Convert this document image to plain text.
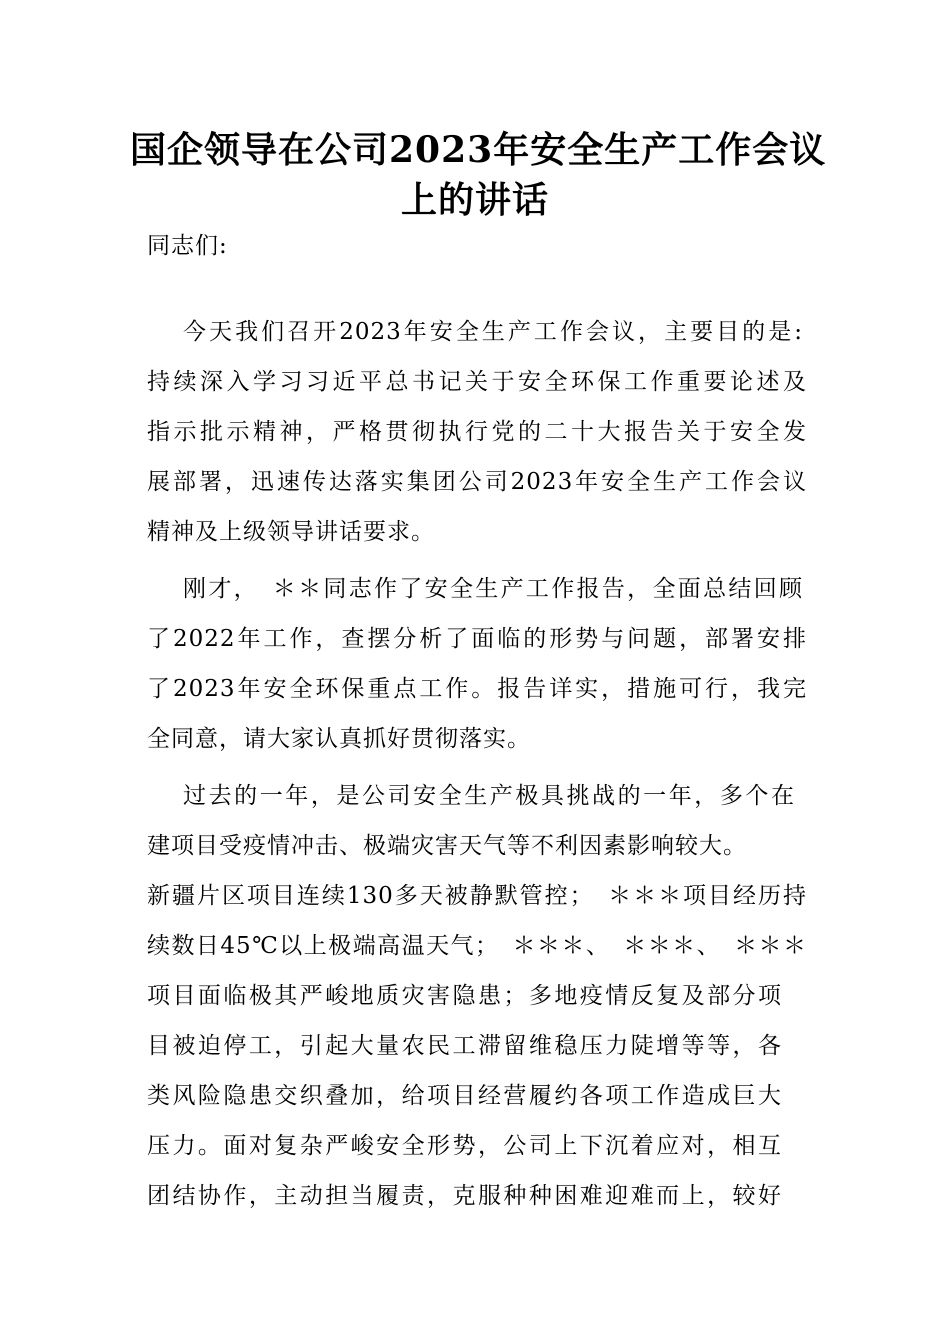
国企领导在公司2023年安全生产工作会议
上的讲话
同志们:
今天我们召开2023年安全生产工作会议，主要目的是:
持续深入学习习近平总书记关于安全环保工作重要论述及
指示批示精神，严格贯彻执行党的二十大报告关于安全发
展部署，迅速传达落实集团公司2023年安全生产工作会议
精神及上级领导讲话要求。
刚才，　＊＊同志作了安全生产工作报告，全面总结回顾
了2022年工作，查摆分析了面临的形势与问题，部署安排
了2023年安全环保重点工作。报告详实，措施可行，我完
全同意，请大家认真抓好贯彻落实。
过去的一年，是公司安全生产极具挑战的一年，多个在
建项目受疫情冲击、极端灾害天气等不利因素影响较大。
新疆片区项目连续130多天被静默管控；　＊＊＊项目经历持
续数日45℃以上极端高温天气；　＊＊＊、　＊＊＊、　＊＊＊
项目面临极其严峻地质灾害隐患；多地疫情反复及部分项
目被迫停工，引起大量农民工滞留维稳压力陡增等等，各
类风险隐患交织叠加，给项目经营履约各项工作造成巨大
压力。面对复杂严峻安全形势，公司上下沉着应对，相互
团结协作，主动担当履责，克服种种困难迎难而上，较好
